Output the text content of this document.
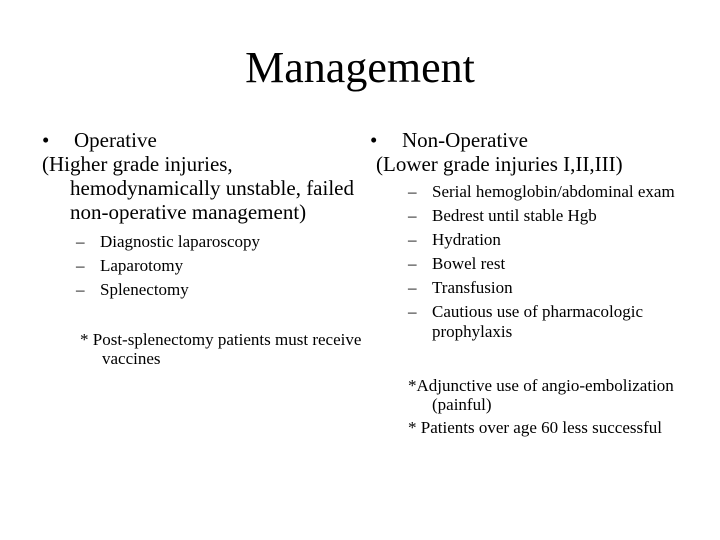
Management
• Operative
(Higher grade injuries, hemodynamically unstable, failed non-operative management)
– Diagnostic laparoscopy
– Laparotomy
– Splenectomy
* Post-splenectomy patients must receive vaccines
• Non-Operative
(Lower grade injuries I,II,III)
– Serial hemoglobin/abdominal exam
– Bedrest until stable Hgb
– Hydration
– Bowel rest
– Transfusion
– Cautious use of pharmacologic prophylaxis
*Adjunctive use of angio-embolization (painful)
* Patients over age 60 less successful
